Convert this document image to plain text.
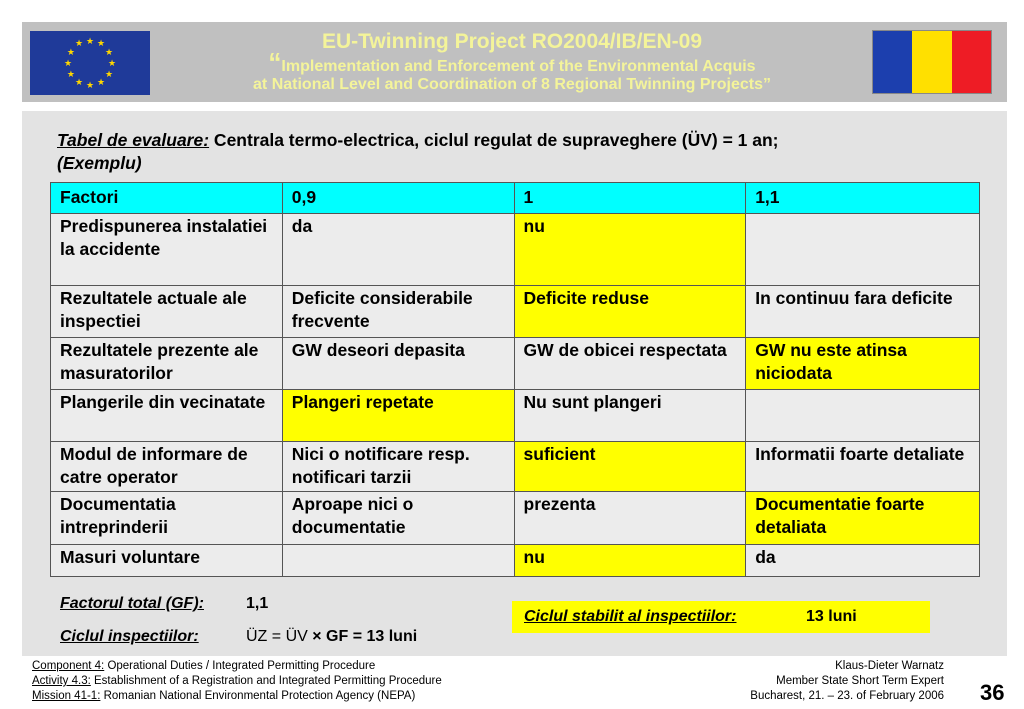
★ ★
★
★
★
★
★
★
★
★
★
★	EU-Twinning Project RO2004/IB/EN-09
“Implementation and Enforcement of the Environmental Acquis
at National Level and Coordination of 8 Regional Twinning Projects”
Tabel de evaluare: Centrala termo-electrica, ciclul regulat de supraveghere (ÜV) = 1 an;
(Exemplu)
Factori	0,9	1	1,1
Predispunerea instalatiei la accidente	da	nu	
Rezultatele actuale ale inspectiei	Deficite considerabile frecvente	Deficite reduse	In continuu fara deficite
Rezultatele prezente ale masuratorilor	GW deseori depasita	GW de obicei respectata	GW nu este atinsa niciodata
Plangerile din vecinatate	Plangeri repetate	Nu sunt plangeri	
Modul de informare de catre operator	Nici o notificare resp. notificari tarzii	suficient	Informatii foarte detaliate
Documentatia intreprinderii	Aproape nici o documentatie	prezenta	Documentatie foarte detaliata
Masuri voluntare		nu	da
Factorul total (GF):	1,1
Ciclul inspectiilor:	ÜZ = ÜV × GF = 13 luni
Ciclul stabilit al inspectiilor:	13 luni
Component 4: Operational Duties / Integrated Permitting Procedure
Activity 4.3: Establishment of a Registration and Integrated Permitting Procedure
Mission 41-1: Romanian National Environmental Protection Agency (NEPA)
Klaus-Dieter Warnatz
Member State Short Term Expert
Bucharest, 21. – 23. of February 2006 36
